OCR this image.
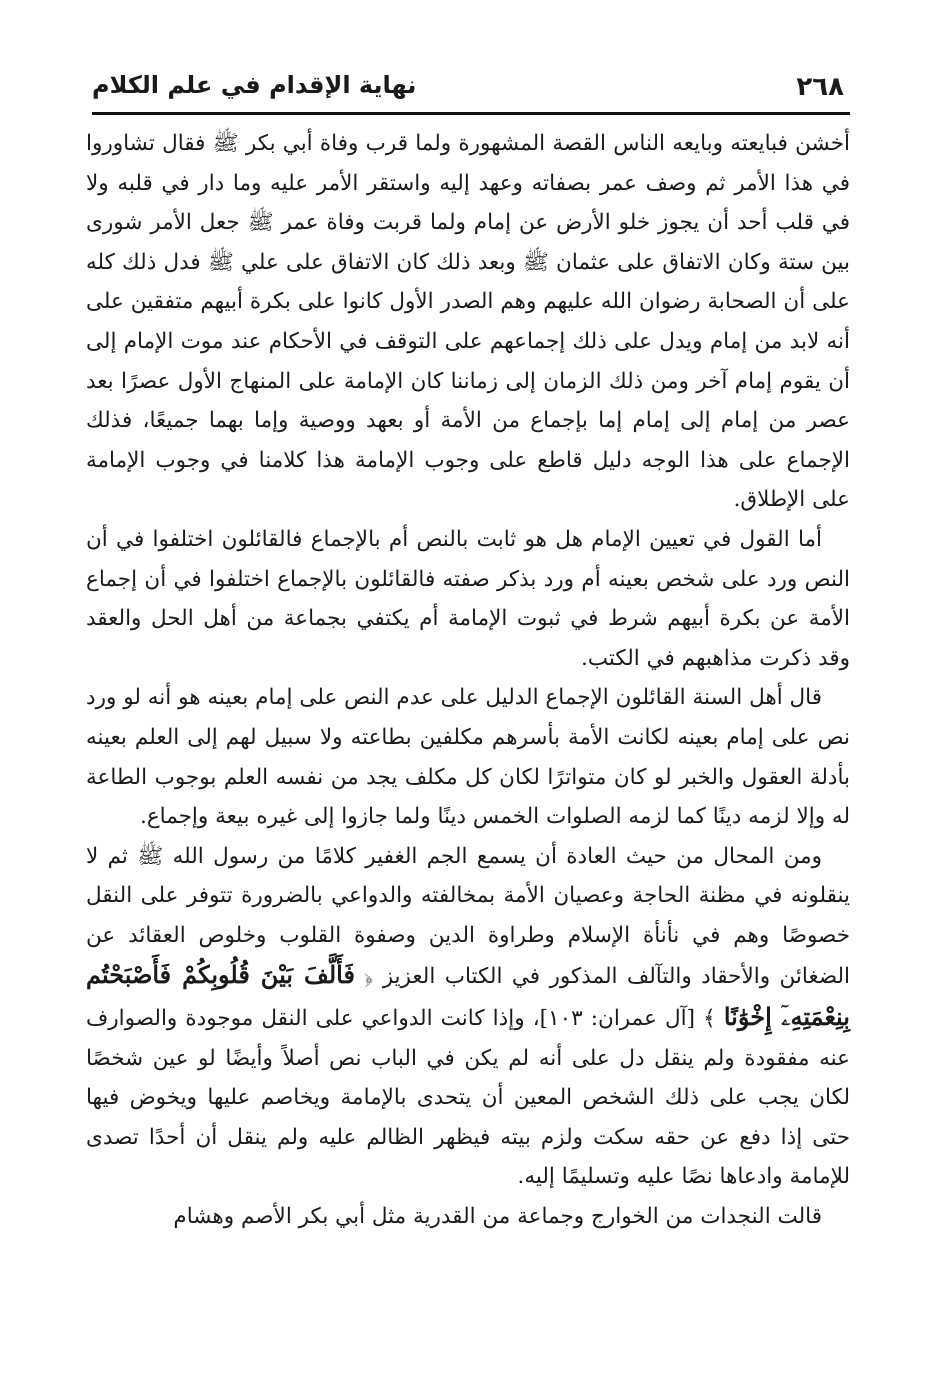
نهاية الإقدام في علم الكلام	٢٦٨

أخشن فبايعته وبايعه الناس القصة المشهورة ولما قرب وفاة أبي بكر ﷺ فقال تشاوروا في هذا الأمر ثم وصف عمر بصفاته وعهد إليه واستقر الأمر عليه وما دار في قلبه ولا في قلب أحد أن يجوز خلو الأرض عن إمام ولما قربت وفاة عمر ﷺ جعل الأمر شورى بين ستة وكان الاتفاق على عثمان ﷺ وبعد ذلك كان الاتفاق على علي ﷺ فدل ذلك كله على أن الصحابة رضوان الله عليهم وهم الصدر الأول كانوا على بكرة أبيهم متفقين على أنه لابد من إمام ويدل على ذلك إجماعهم على التوقف في الأحكام عند موت الإمام إلى أن يقوم إمام آخر ومن ذلك الزمان إلى زماننا كان الإمامة على المنهاج الأول عصرًا بعد عصر من إمام إلى إمام إما بإجماع من الأمة أو بعهد ووصية وإما بهما جميعًا، فذلك الإجماع على هذا الوجه دليل قاطع على وجوب الإمامة هذا كلامنا في وجوب الإمامة على الإطلاق.

أما القول في تعيين الإمام هل هو ثابت بالنص أم بالإجماع فالقائلون اختلفوا في أن النص ورد على شخص بعينه أم ورد بذكر صفته فالقائلون بالإجماع اختلفوا في أن إجماع الأمة عن بكرة أبيهم شرط في ثبوت الإمامة أم يكتفي بجماعة من أهل الحل والعقد وقد ذكرت مذاهبهم في الكتب.

قال أهل السنة القائلون الإجماع الدليل على عدم النص على إمام بعينه هو أنه لو ورد نص على إمام بعينه لكانت الأمة بأسرهم مكلفين بطاعته ولا سبيل لهم إلى العلم بعينه بأدلة العقول والخبر لو كان متواترًا لكان كل مكلف يجد من نفسه العلم بوجوب الطاعة له وإلا لزمه دينًا كما لزمه الصلوات الخمس دينًا ولما جازوا إلى غيره بيعة وإجماع.

ومن المحال من حيث العادة أن يسمع الجم الغفير كلامًا من رسول الله ﷺ ثم لا ينقلونه في مظنة الحاجة وعصيان الأمة بمخالفته والدواعي بالضرورة تتوفر على النقل خصوصًا وهم في نأنأة الإسلام وطراوة الدين وصفوة القلوب وخلوص العقائد عن الضغائن والأحقاد والتآلف المذكور في الكتاب العزيز ﴿ فَأَلَّفَ بَيْنَ قُلُوبِكُمْ فَأَصْبَحْتُم بِنِعْمَتِهِۦٓ إِخْوَٰنًا ﴾ [آل عمران: ١٠٣]، وإذا كانت الدواعي على النقل موجودة والصوارف عنه مفقودة ولم ينقل دل على أنه لم يكن في الباب نص أصلاً وأيضًا لو عين شخصًا لكان يجب على ذلك الشخص المعين أن يتحدى بالإمامة ويخاصم عليها ويخوض فيها حتى إذا دفع عن حقه سكت ولزم بيته فيظهر الظالم عليه ولم ينقل أن أحدًا تصدى للإمامة وادعاها نصًا عليه وتسليمًا إليه.

قالت النجدات من الخوارج وجماعة من القدرية مثل أبي بكر الأصم وهشام
